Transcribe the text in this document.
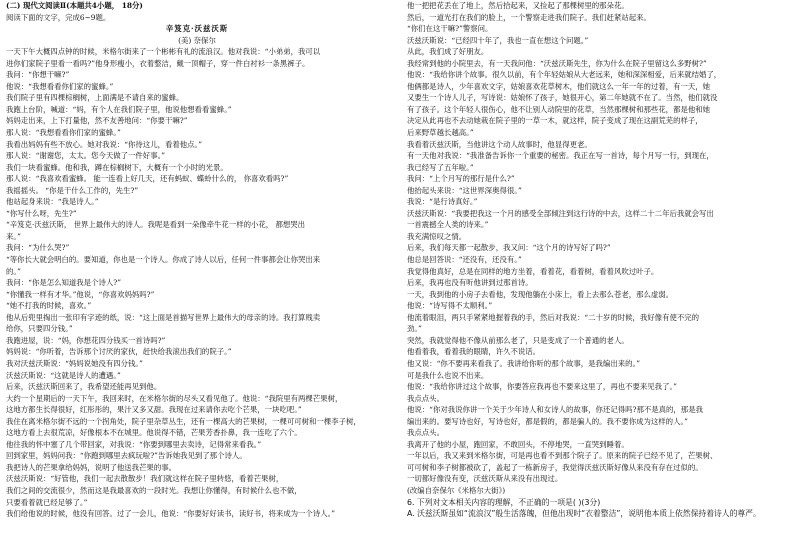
(二) 现代文阅读Ⅱ(本题共4小题， 18分)
阅读下面的文字，完成6~9题。
辛笈克·沃兹沃斯
(美) 奈保尔
一天下午大概四点钟的时候，米格尔街来了一个彬彬有礼的流浪汉。他对我说：“小弟弟，我可以
进你们家院子里看一看吗?”他身形瘦小，衣着整洁，戴一顶帽子，穿一件白衬衫一条黑裤子。
我问：“你想干嘛?”
他说：“我想看看你们家的蜜蜂。”
我们院子里有四棵棕榈树，上面满是不请自来的蜜蜂。
我跑上台阶，喊道：“妈，有个人在我们院子里，他说他想看看蜜蜂。”
妈妈走出来，上下打量他，然不友善地问：“你要干嘛?”
那人说：“我想看看你们家的蜜蜂。”
我看出妈妈有些不放心。她对我说：“你待这儿，看着他点。”
那人说：“谢谢您，太太。您今天做了一件好事。”
我们一块看蜜蜂。他和我，蹲在棕榈树下，大概有一个小时的光景。
那人说：“我喜欢看蜜蜂。 能一连看上好几天，还有蚂蚁、蝶蛉什么的， 你喜欢看吗?”
我摇摇头。 “你是干什么工作的，先生?”
他站起身来说：“我是诗人。”
“你写什么呀，先生?”
“辛笈克·沃兹沃斯， 世界上最伟大的诗人。我呢是看到一朵像牵牛花一样的小花， 都想哭出
来。”
我问：“为什么哭?”
“等你长大就会明白的。要知道，你也是一个诗人。你成了诗人以后，任何一件事都会让你哭出来
的。”
我问：“你是怎么知道我是个诗人?”
“你懂我一样有才华。”他说，“你喜欢妈妈吗?”
“她不打我的时候，喜欢。”
他从后兜里掏出一张印有字迹的纸，说：“这上面是首描写世界上最伟大的母亲的诗。我打算贱卖
给你，只要四分钱。”
我跑进屋，说：“妈，你想花四分钱买一首诗吗?”
妈妈说：“你听着，告诉那个讨厌的家伙，赶快给我滚出我们的院子。”
我对沃兹沃斯说：“妈妈说她没有四分钱。”
沃兹沃斯说：“这就是诗人的遭遇。”
后来，沃兹沃斯回来了，我希望还能再见到他。
大约一个星期后的一天下午，我回来时，在米格尔街的尽头又看见他了。他说：“我院里有两棵芒果树，
这地方都生长得很好，红彤彤的，果汁又多又甜。我现在过来请你去吃个芒果，一块吃吧。”
我住在离米格尔街不远的一个拐角处，院子里杂草丛生，还有一棵高大的芒果树，一棵可可树和一棵李子树，
这地方看上去很荒凉，好像根本不在城里。他说得不错，芒果芳香扑鼻，我一连吃了六个。
他往我的怀中塞了几个带回家，对我说：“你要到哪里去卖诗，记得常来看我。”
回到家里，妈妈问我：“你跑到哪里去疯玩啦?”告诉她我见到了那个诗人。
我把诗人的芒果拿给妈妈，说明了他送我芒果的事。
沃兹沃斯说：“好管他，我们一起去散散步！我们就这样在院子里转悠，看着芒果树，
我们之间的交流很少，然而这是我最喜欢的一段时光。我想让你懂得，有时候什么也不做，
只要看着就已经足够了。”
我们给他说的时候，他没有回答。过了一会儿，他说：“你要好好读书，读好书，将来成为一个诗人。”
他一把把花丢在了地上，然后拾起来，又捡起了那棵树里的那朵花。
然后，一道光打在我们的脸上，一个警察走进我们院子。我们赶紧站起来。
“你们在这干嘛?”警察问。
沃兹沃斯说：“已经四十年了，我也一直在想这个问题。”
从此，我们成了好朋友。
我经常到他的小院里去，有一天我问他：“沃兹沃斯先生，你为什么在院子里留这么多野树?”
他说：“我给你讲个故事。很久以前，有个年轻姑娘从大老远来，她和深深相爱，后来就结婚了，
他俩都是诗人，少年喜欢文字，姑娘喜欢花草树木，他们就这么一年一年的过着，有一天，她
又要生一个诗人儿子，写诗说：姑娘怀了孩子，她很开心，第二年她就不在了。当然，他们就没
有了孩子。这个年轻人很伤心，他不让别人动院里的花草，当然那棵树和那些花，都是他和她
决定从此再也不去动她栽在院子里的一草一木，就这样，院子变成了现在这副荒芜的样子，
后来野草越长越高。”
我看着沃兹沃斯，当他讲这个动人故事时，他显得更老。
有一天他对我说：“我准备告诉你一个重要的秘密。我正在写一首诗，每个月写一行，到现在，
我已经写了五年啦。”
我问：“上个月写的那行是什么?”
他抬起头来说：“这世界深奥得很。”
我说：“是行诗真好。”
沃兹沃斯说：“我要把我这一个月的感受全部倾注到这行诗的中去，这样二十二年后我就会写出
一首震撼全人类的诗来。”
我充满惊叹之情。
后来，我们每天都一起散步，我又问：“这个月的诗写好了吗?”
他总是回答说：“还没有，还没有。”
我觉得他真好，总是在同样的地方坐着，看着花，看着树，看着风吹过叶子。
后来，我再也没有听他讲到过那首诗。
一天，我到他的小房子去看他，发现他躺在小床上，看上去那么苍老，那么虚弱。
他说：“诗写得不太顺利。”
他流着眼泪，两只手紧紧地握着我的手，然后对我说：“二十岁的时候，我好像有使不完的
劲。”
突然，我就觉得他不像从前那么老了，只是变成了一个普通的老人。
他看着我，看着我的眼睛，许久不说话。
他又说：“你不要再来看我了。我讲给你听的那个故事，是我编出来的。”
可是我什么也说不出来。
他说：“我给你讲过这个故事，你要答应我再也不要来这里了，再也不要来见我了。”
我点点头。
他说：“你对我说你讲一个关于少年诗人和女诗人的故事，你还记得吗?那不是真的，那是我
编出来的。要写诗也好，写诗也好，都是假的，都是骗人的。我不要你成为这样的人。”
我点点头。
我离开了他的小屋，跑回家，不敢回头，不停地哭，一直哭到睡着。
一年以后，我又来到米格尔街，可是再也看不到那个院子了。原来的院子已经不见了，芒果树、
可可树和李子树都被砍了，盖起了一栋新房子，我觉得沃兹沃斯好像从来没有存在过似的。
一切都好像没有变，沃兹沃斯从来没有出现过。
(改编自奈保尔《米格尔大街》)
6. 下列对文本相关内容的理解，不正确的一项是( )(3分)
A. 沃兹沃斯虽如“流浪汉”般生活落魄，但他出现时“衣着整洁”，说明他本质上依然保持着诗人的尊严。
